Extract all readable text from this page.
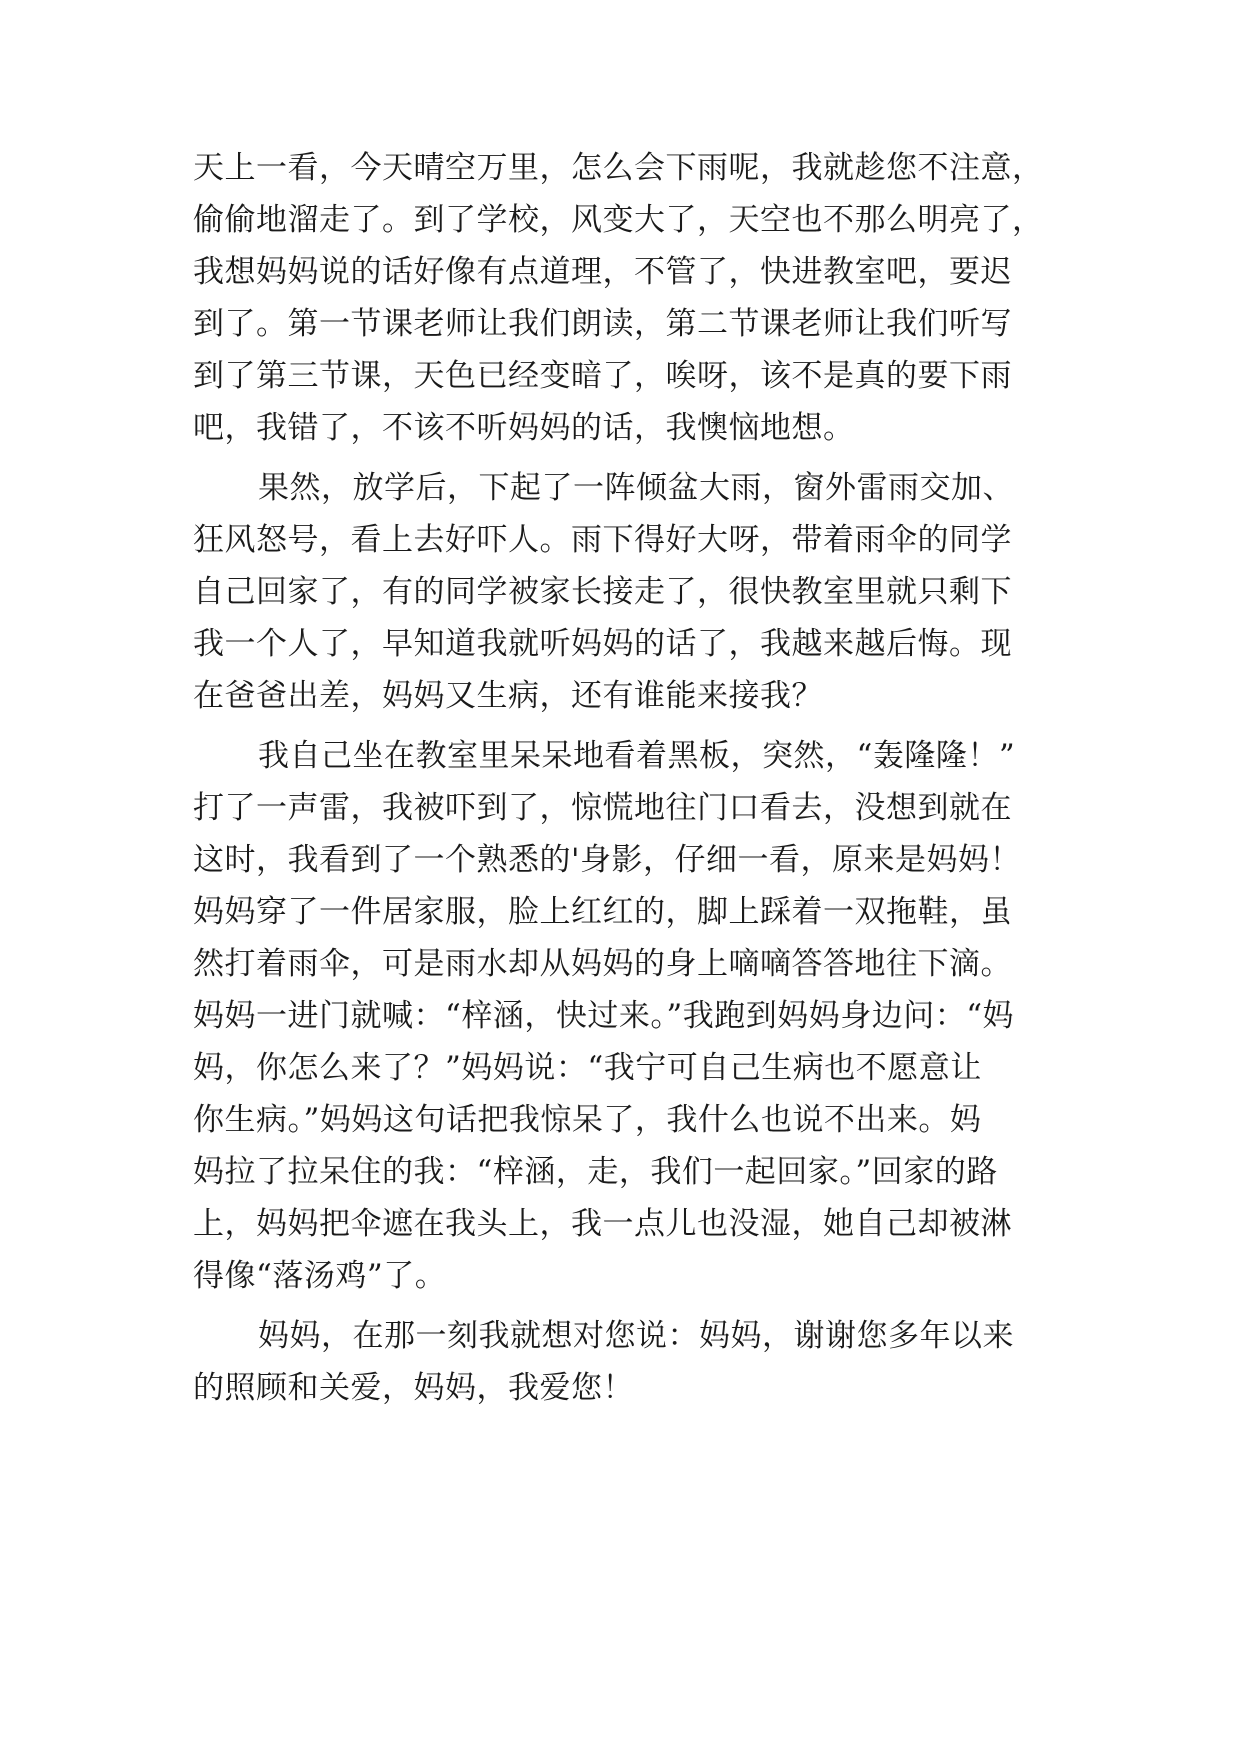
天上一看，今天晴空万里，怎么会下雨呢，我就趁您不注意，
偷偷地溜走了。到了学校，风变大了，天空也不那么明亮了，
我想妈妈说的话好像有点道理，不管了，快进教室吧，要迟
到了。第一节课老师让我们朗读，第二节课老师让我们听写
到了第三节课，天色已经变暗了，唉呀，该不是真的要下雨
吧，我错了，不该不听妈妈的话，我懊恼地想。
果然，放学后，下起了一阵倾盆大雨，窗外雷雨交加、
狂风怒号，看上去好吓人。雨下得好大呀，带着雨伞的同学
自己回家了，有的同学被家长接走了，很快教室里就只剩下
我一个人了，早知道我就听妈妈的话了，我越来越后悔。现
在爸爸出差，妈妈又生病，还有谁能来接我？
我自己坐在教室里呆呆地看着黑板，突然，“轰隆隆！”
打了一声雷，我被吓到了，惊慌地往门口看去，没想到就在
这时，我看到了一个熟悉的'身影，仔细一看，原来是妈妈！
妈妈穿了一件居家服，脸上红红的，脚上踩着一双拖鞋，虽
然打着雨伞，可是雨水却从妈妈的身上嘀嘀答答地往下滴。
妈妈一进门就喊：“梓涵，快过来。”我跑到妈妈身边问：“妈
妈，你怎么来了？”妈妈说：“我宁可自己生病也不愿意让
你生病。”妈妈这句话把我惊呆了，我什么也说不出来。妈
妈拉了拉呆住的我：“梓涵，走，我们一起回家。”回家的路
上，妈妈把伞遮在我头上，我一点儿也没湿，她自己却被淋
得像“落汤鸡”了。
妈妈，在那一刻我就想对您说：妈妈，谢谢您多年以来
的照顾和关爱，妈妈，我爱您！
